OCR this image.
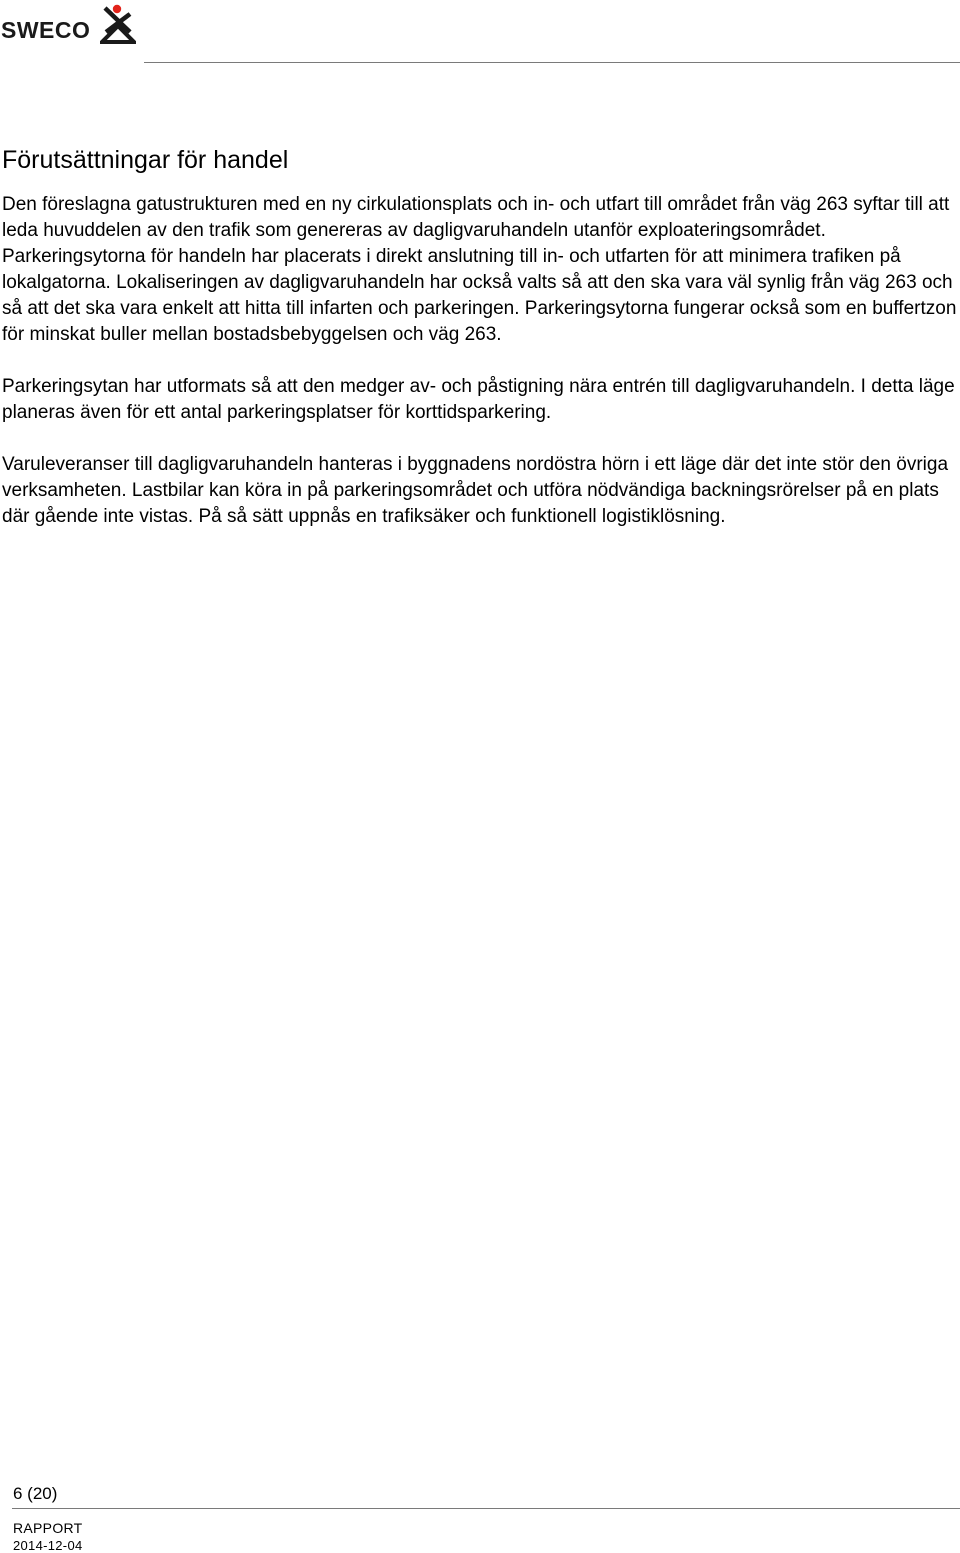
SWECO
Förutsättningar för handel

Den föreslagna gatustrukturen med en ny cirkulationsplats och in- och utfart till området från väg 263 syftar till att leda huvuddelen av den trafik som genereras av dagligvaruhandeln utanför exploateringsområdet. Parkeringsytorna för handeln har placerats i direkt anslutning till in- och utfarten för att minimera trafiken på lokalgatorna. Lokaliseringen av dagligvaruhandeln har också valts så att den ska vara väl synlig från väg 263 och så att det ska vara enkelt att hitta till infarten och parkeringen. Parkeringsytorna fungerar också som en buffertzon för minskat buller mellan bostadsbebyggelsen och väg 263.

Parkeringsytan har utformats så att den medger av- och påstigning nära entrén till dagligvaruhandeln. I detta läge planeras även för ett antal parkeringsplatser för korttidsparkering.

Varuleveranser till dagligvaruhandeln hanteras i byggnadens nordöstra hörn i ett läge där det inte stör den övriga verksamheten. Lastbilar kan köra in på parkeringsområdet och utföra nödvändiga backningsrörelser på en plats där gående inte vistas. På så sätt uppnås en trafiksäker och funktionell logistiklösning.

6 (20)
RAPPORT
2014-12-04
